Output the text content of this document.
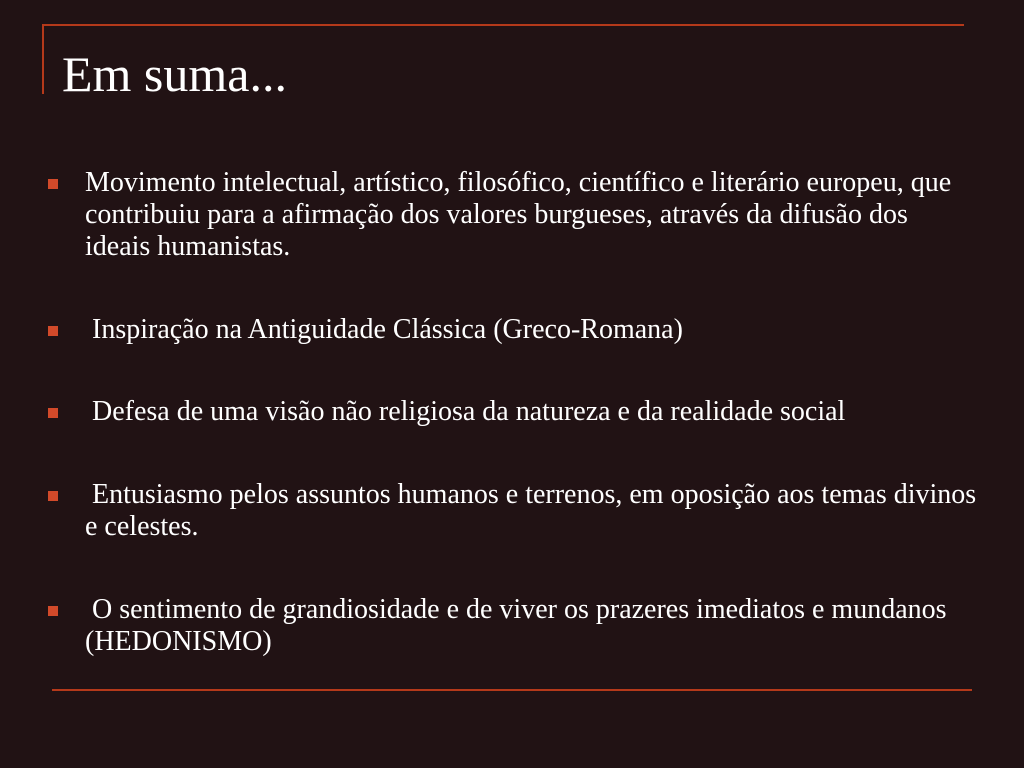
Em suma...
Movimento intelectual, artístico, filosófico, científico e literário europeu, que contribuiu para a afirmação dos valores burgueses, através da difusão dos ideais humanistas.
Inspiração na Antiguidade Clássica (Greco-Romana)
Defesa de uma visão não religiosa da natureza e da realidade social
Entusiasmo pelos assuntos humanos e terrenos, em oposição aos temas divinos e celestes.
O sentimento de grandiosidade e de viver os prazeres imediatos e mundanos (HEDONISMO)
